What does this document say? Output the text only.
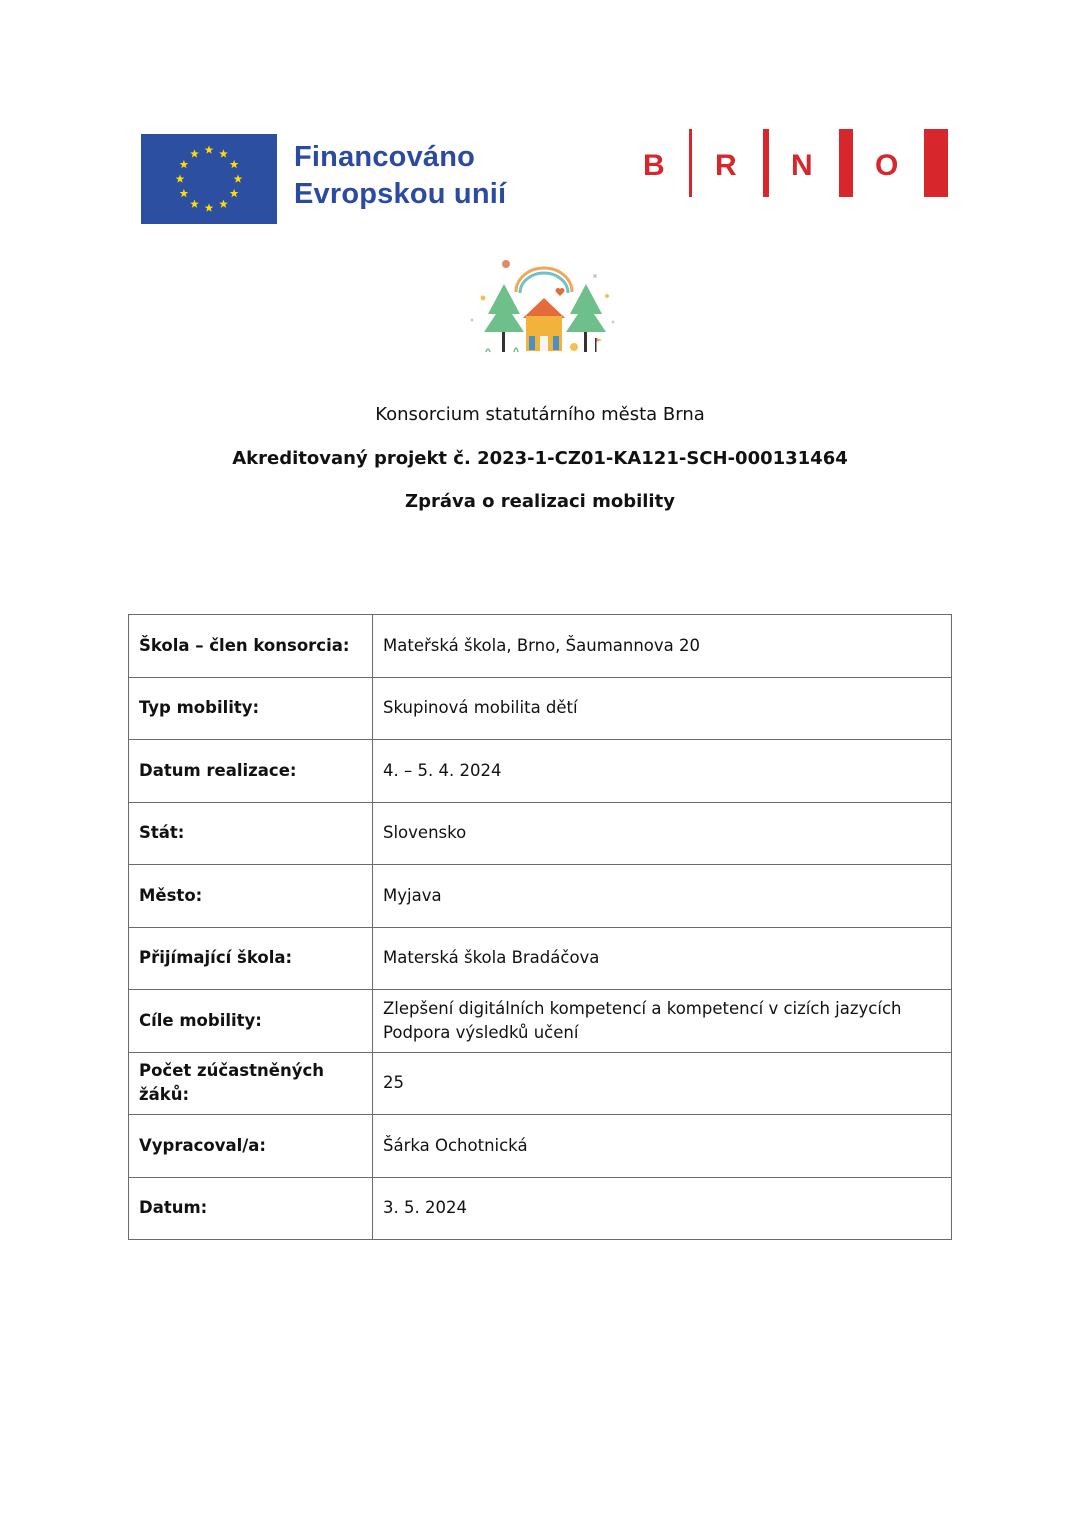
Financováno
Evropskou unií
B R N O
Konsorcium statutárního města Brna
Akreditovaný projekt č. 2023-1-CZ01-KA121-SCH-000131464
Zpráva o realizaci mobility
Škola – člen konsorcia:	Mateřská škola, Brno, Šaumannova 20

Typ mobility:	Skupinová mobilita dětí

Datum realizace:	4. – 5. 4. 2024

Stát:	Slovensko

Město:	Myjava

Přijímající škola:	Materská škola Bradáčova

Cíle mobility:	Zlepšení digitálních kompetencí a kompetencí v cizích jazycích
Podpora výsledků učení

Počet zúčastněných žáků:	25

Vypracoval/a:	Šárka Ochotnická

Datum:	3. 5. 2024
